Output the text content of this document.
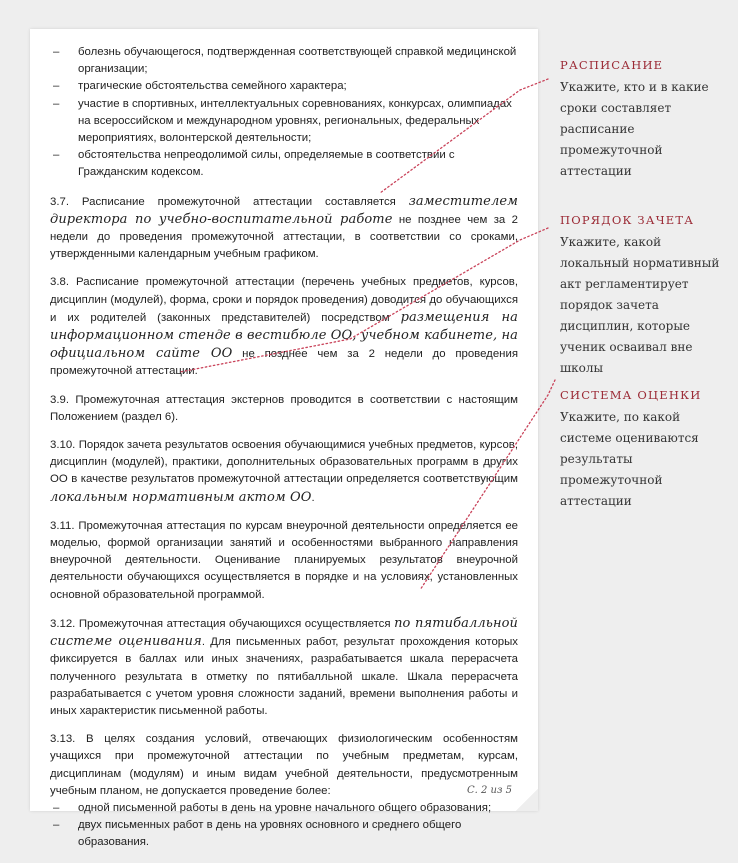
– болезнь обучающегося, подтвержденная соответствующей справкой медицинской организации;
– трагические обстоятельства семейного характера;
– участие в спортивных, интеллектуальных соревнованиях, конкурсах, олимпиадах на всероссийском и международном уровнях, региональных, федеральных мероприятиях, волонтерской деятельности;
– обстоятельства непреодолимой силы, определяемые в соответствии с Гражданским кодексом.

3.7. Расписание промежуточной аттестации составляется заместителем директора по учебно-воспитательной работе не позднее чем за 2 недели до проведения промежуточной аттестации, в соответствии со сроками, утвержденными календарным учебным графиком.

3.8. Расписание промежуточной аттестации (перечень учебных предметов, курсов, дисциплин (модулей), форма, сроки и порядок проведения) доводится до обучающихся и их родителей (законных представителей) посредством размещения на информационном стенде в вестибюле ОО, учебном кабинете, на официальном сайте ОО не позднее чем за 2 недели до проведения промежуточной аттестации.

3.9. Промежуточная аттестация экстернов проводится в соответствии с настоящим Положением (раздел 6).

3.10. Порядок зачета результатов освоения обучающимися учебных предметов, курсов, дисциплин (модулей), практики, дополнительных образовательных программ в других ОО в качестве результатов промежуточной аттестации определяется соответствующим локальным нормативным актом ОО.

3.11. Промежуточная аттестация по курсам внеурочной деятельности определяется ее моделью, формой организации занятий и особенностями выбранного направления внеурочной деятельности. Оценивание планируемых результатов внеурочной деятельности обучающихся осуществляется в порядке и на условиях, установленных основной образовательной программой.

3.12. Промежуточная аттестация обучающихся осуществляется по пятибалльной системе оценивания. Для письменных работ, результат прохождения которых фиксируется в баллах или иных значениях, разрабатывается шкала перерасчета полученного результата в отметку по пятибалльной шкале. Шкала перерасчета разрабатывается с учетом уровня сложности заданий, времени выполнения работы и иных характеристик письменной работы.

3.13. В целях создания условий, отвечающих физиологическим особенностям учащихся при промежуточной аттестации по учебным предметам, курсам, дисциплинам (модулям) и иным видам учебной деятельности, предусмотренным учебным планом, не допускается проведение более:

– одной письменной работы в день на уровне начального общего образования;
– двух письменных работ в день на уровнях основного и среднего общего образования.
С. 2 из 5
РАСПИСАНИЕ
Укажите, кто и в какие сроки составляет расписание промежуточной аттестации
ПОРЯДОК ЗАЧЕТА
Укажите, какой локальный нормативный акт регламентирует порядок зачета дисциплин, которые ученик осваивал вне школы
СИСТЕМА ОЦЕНКИ
Укажите, по какой системе оцениваются результаты промежуточной аттестации
